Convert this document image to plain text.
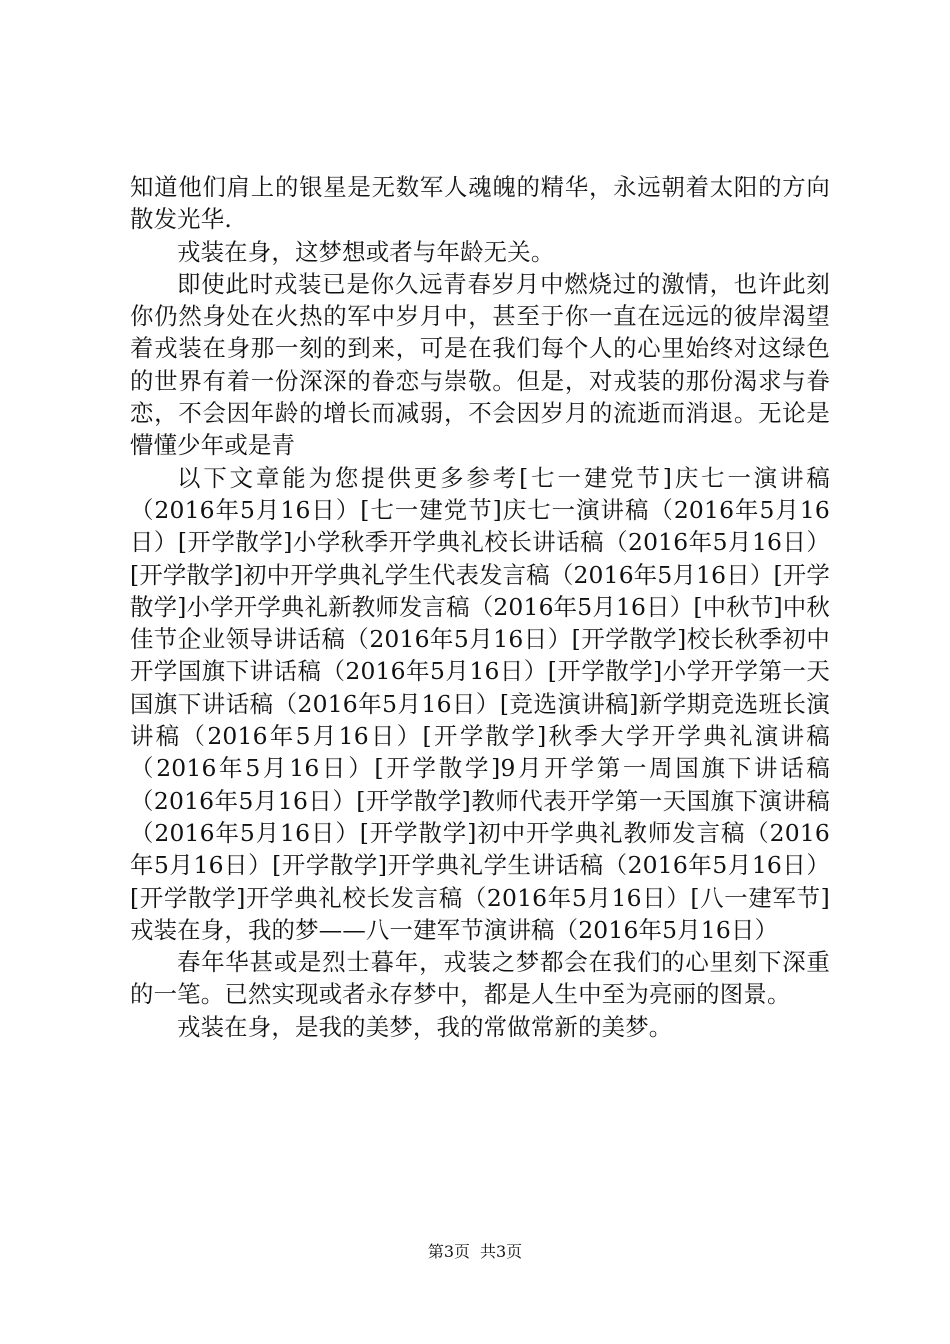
知道他们肩上的银星是无数军人魂魄的精华，永远朝着太阳的方向散发光华.

戎装在身，这梦想或者与年龄无关。

即使此时戎装已是你久远青春岁月中燃烧过的激情，也许此刻你仍然身处在火热的军中岁月中，甚至于你一直在远远的彼岸渴望着戎装在身那一刻的到来，可是在我们每个人的心里始终对这绿色的世界有着一份深深的眷恋与崇敬。但是，对戎装的那份渴求与眷恋，不会因年龄的增长而减弱，不会因岁月的流逝而消退。无论是懵懂少年或是青

以下文章能为您提供更多参考[七一建党节]庆七一演讲稿（2016年5月16日）[七一建党节]庆七一演讲稿（2016年5月16日）[开学散学]小学秋季开学典礼校长讲话稿（2016年5月16日）[开学散学]初中开学典礼学生代表发言稿（2016年5月16日）[开学散学]小学开学典礼新教师发言稿（2016年5月16日）[中秋节]中秋佳节企业领导讲话稿（2016年5月16日）[开学散学]校长秋季初中开学国旗下讲话稿（2016年5月16日）[开学散学]小学开学第一天国旗下讲话稿（2016年5月16日）[竞选演讲稿]新学期竞选班长演讲稿（2016年5月16日）[开学散学]秋季大学开学典礼演讲稿（2016年5月16日）[开学散学]9月开学第一周国旗下讲话稿（2016年5月16日）[开学散学]教师代表开学第一天国旗下演讲稿（2016年5月16日）[开学散学]初中开学典礼教师发言稿（2016年5月16日）[开学散学]开学典礼学生讲话稿（2016年5月16日）[开学散学]开学典礼校长发言稿（2016年5月16日）[八一建军节]戎装在身，我的梦——八一建军节演讲稿（2016年5月16日）

春年华甚或是烈士暮年，戎装之梦都会在我们的心里刻下深重的一笔。已然实现或者永存梦中，都是人生中至为亮丽的图景。

戎装在身，是我的美梦，我的常做常新的美梦。

第3页 共3页
